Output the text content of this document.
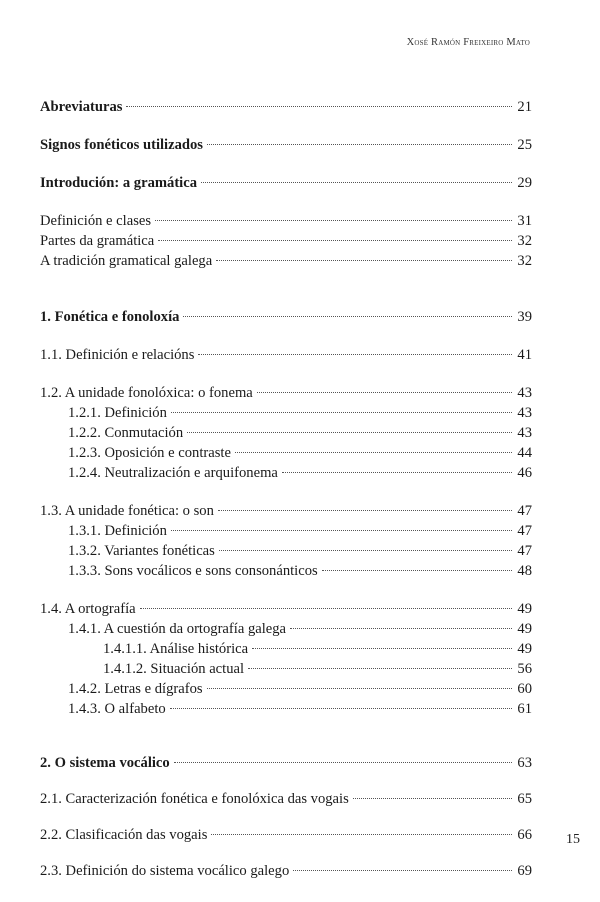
Xosé Ramón Freixeiro Mato
Abreviaturas	21
Signos fonéticos utilizados	25
Introdución: a gramática	29
Definición e clases	31
Partes da gramática	32
A tradición gramatical galega	32
1. Fonética e fonoloxía	39
1.1. Definición e relacións	41
1.2. A unidade fonolóxica: o fonema	43
1.2.1. Definición	43
1.2.2. Conmutación	43
1.2.3. Oposición e contraste	44
1.2.4. Neutralización e arquifonema	46
1.3. A unidade fonética: o son	47
1.3.1. Definición	47
1.3.2. Variantes fonéticas	47
1.3.3. Sons vocálicos e sons consonánticos	48
1.4. A ortografía	49
1.4.1. A cuestión da ortografía galega	49
1.4.1.1. Análise histórica	49
1.4.1.2. Situación actual	56
1.4.2. Letras e dígrafos	60
1.4.3. O alfabeto	61
2. O sistema vocálico	63
2.1. Caracterización fonética e fonolóxica das vogais	65
2.2. Clasificación das vogais	66
2.3. Definición do sistema vocálico galego	69
15
